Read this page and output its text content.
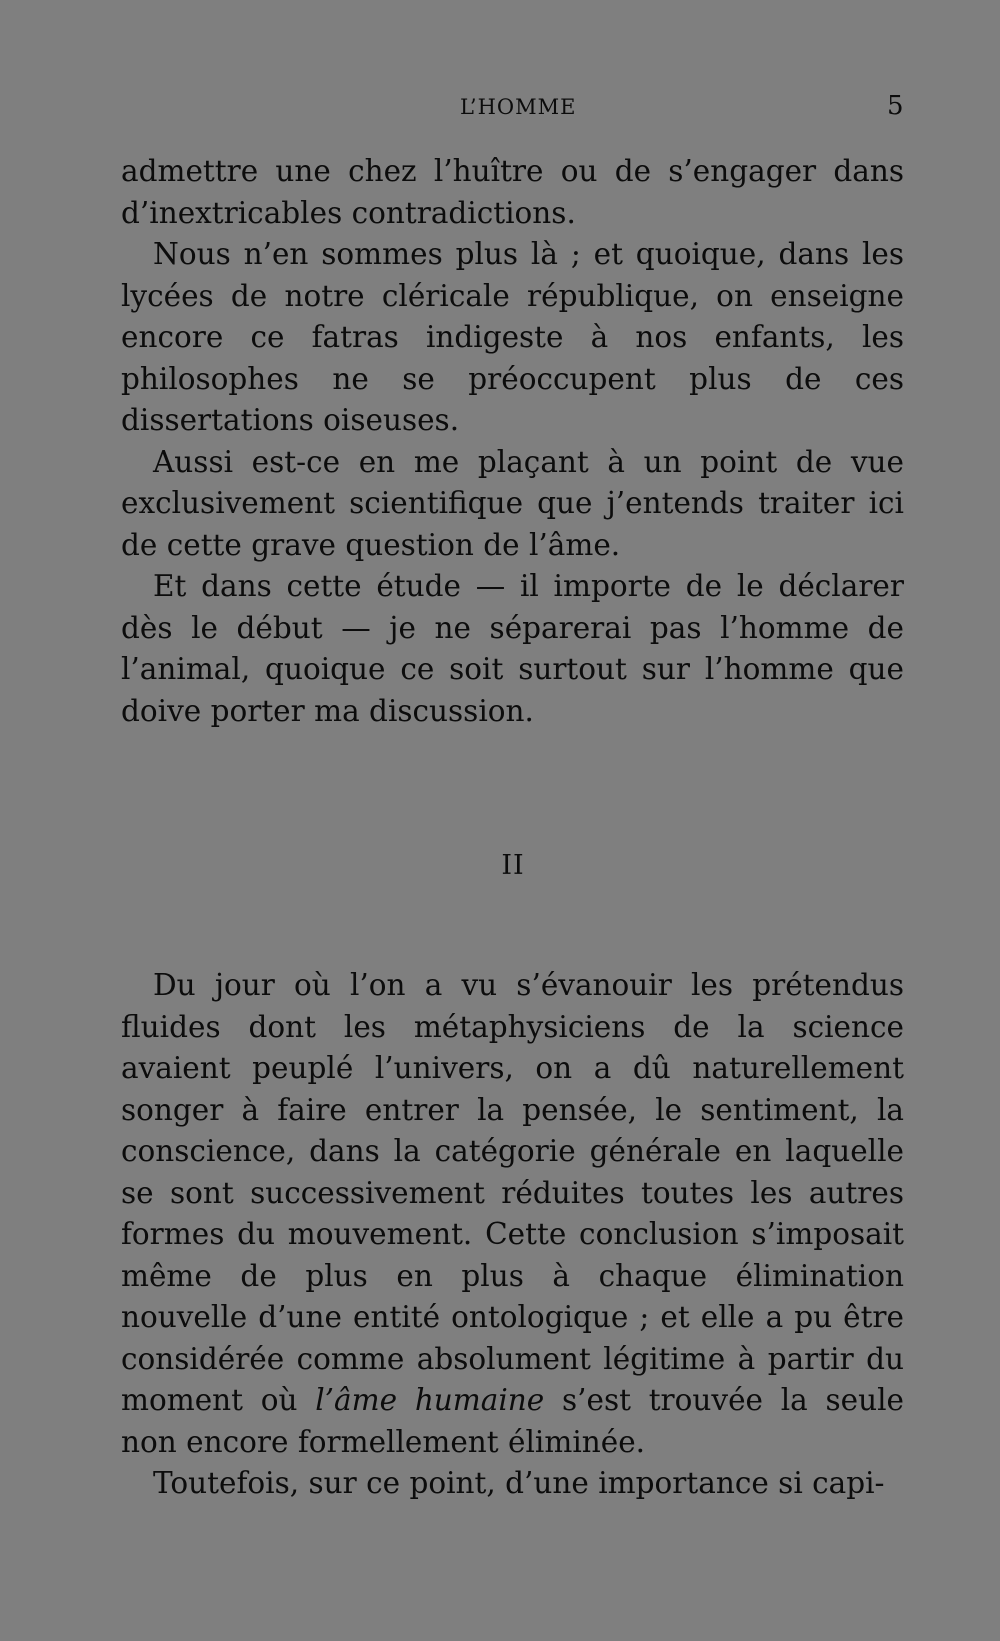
L’HOMME	5

admettre une chez l’huître ou de s’engager dans d’inextricables contradictions.

Nous n’en sommes plus là ; et quoique, dans les lycées de notre cléricale république, on enseigne encore ce fatras indigeste à nos enfants, les philosophes ne se préoccupent plus de ces dissertations oiseuses.

Aussi est-ce en me plaçant à un point de vue exclusivement scientifique que j’entends traiter ici de cette grave question de l’âme.

Et dans cette étude — il importe de le déclarer dès le début — je ne séparerai pas l’homme de l’animal, quoique ce soit surtout sur l’homme que doive porter ma discussion.

II

Du jour où l’on a vu s’évanouir les prétendus fluides dont les métaphysiciens de la science avaient peuplé l’univers, on a dû naturellement songer à faire entrer la pensée, le sentiment, la conscience, dans la catégorie générale en laquelle se sont successivement réduites toutes les autres formes du mouvement. Cette conclusion s’imposait même de plus en plus à chaque élimination nouvelle d’une entité ontologique ; et elle a pu être considérée comme absolument légitime à partir du moment où l’âme humaine s’est trouvée la seule non encore formellement éliminée.

Toutefois, sur ce point, d’une importance si capi-
